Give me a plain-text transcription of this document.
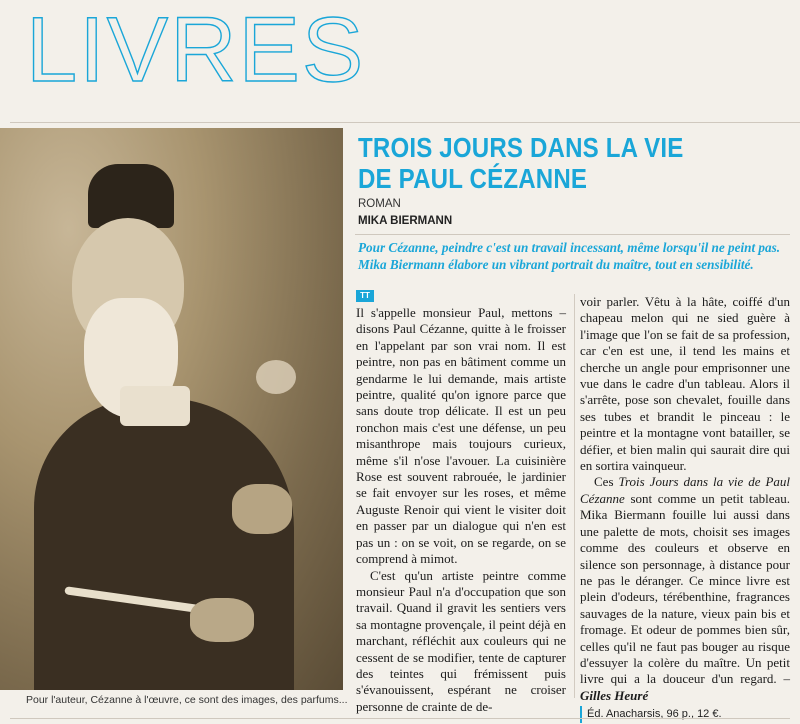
LIVRES
Pour l'auteur, Cézanne à l'œuvre, ce sont des images, des parfums...
TROIS JOURS DANS LA VIE
DE PAUL CÉZANNE
ROMAN
MIKA BIERMANN

Pour Cézanne, peindre c'est un travail incessant, même lorsqu'il ne peint pas. Mika Biermann élabore un vibrant portrait du maître, tout en sensibilité.

TT

Il s'appelle monsieur Paul, mettons – disons Paul Cézanne, quitte à le froisser en l'appelant par son vrai nom. Il est peintre, non pas en bâtiment comme un gendarme le lui demande, mais artiste peintre, qualité qu'on ignore parce que sans doute trop délicate. Il est un peu ronchon mais c'est une défense, un peu misanthrope mais toujours curieux, même s'il n'ose l'avouer. La cuisinière Rose est souvent rabrouée, le jardinier se fait envoyer sur les roses, et même Auguste Renoir qui vient le visiter doit en passer par un dialogue qui n'en est pas un : on se voit, on se regarde, on se comprend à mimot.

C'est qu'un artiste peintre comme monsieur Paul n'a d'occupation que son travail. Quand il gravit les sentiers vers sa montagne provençale, il peint déjà en marchant, réfléchit aux couleurs qui ne cessent de se modifier, tente de capturer des teintes qui frémissent puis s'évanouissent, espérant ne croiser personne de crainte de de-

voir parler. Vêtu à la hâte, coiffé d'un chapeau melon qui ne sied guère à l'image que l'on se fait de sa profession, car c'en est une, il tend les mains et cherche un angle pour emprisonner une vue dans le cadre d'un tableau. Alors il s'arrête, pose son chevalet, fouille dans ses tubes et brandit le pinceau : le peintre et la montagne vont batailler, se défier, et bien malin qui saurait dire qui en sortira vainqueur.

Ces Trois Jours dans la vie de Paul Cézanne sont comme un petit tableau. Mika Biermann fouille lui aussi dans une palette de mots, choisit ses images comme des couleurs et observe en silence son personnage, à distance pour ne pas le déranger. Ce mince livre est plein d'odeurs, térébenthine, fragrances sauvages de la nature, vieux pain bis et fromage. Et odeur de pommes bien sûr, celles qu'il ne faut pas bouger au risque d'essuyer la colère du maître. Un petit livre qui a la douceur d'un regard. – Gilles Heuré

Éd. Anacharsis, 96 p., 12 €.
